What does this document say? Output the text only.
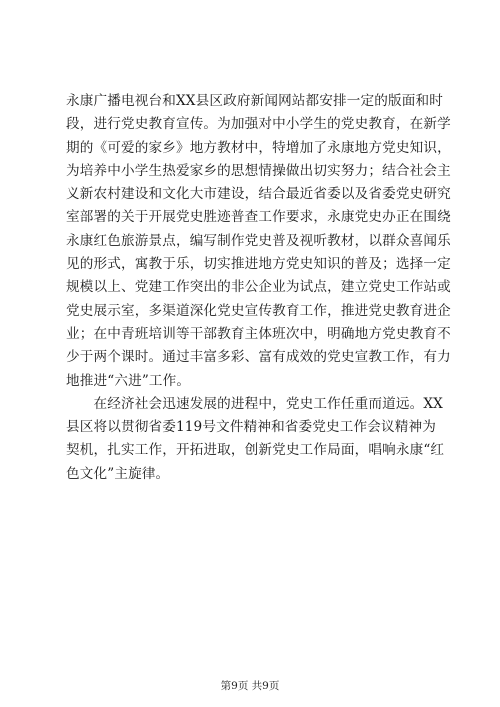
永康广播电视台和XX县区政府新闻网站都安排一定的版面和时
段，进行党史教育宣传。为加强对中小学生的党史教育，在新学
期的《可爱的家乡》地方教材中，特增加了永康地方党史知识，
为培养中小学生热爱家乡的思想情操做出切实努力；结合社会主
义新农村建设和文化大市建设，结合最近省委以及省委党史研究
室部署的关于开展党史胜迹普查工作要求，永康党史办正在围绕
永康红色旅游景点，编写制作党史普及视听教材，以群众喜闻乐
见的形式，寓教于乐，切实推进地方党史知识的普及；选择一定
规模以上、党建工作突出的非公企业为试点，建立党史工作站或
党史展示室，多渠道深化党史宣传教育工作，推进党史教育进企
业；在中青班培训等干部教育主体班次中，明确地方党史教育不
少于两个课时。通过丰富多彩、富有成效的党史宣教工作，有力
地推进“六进”工作。
　　在经济社会迅速发展的进程中，党史工作任重而道远。XX
县区将以贯彻省委119号文件精神和省委党史工作会议精神为
契机，扎实工作，开拓进取，创新党史工作局面，唱响永康“红
色文化”主旋律。
第9页 共9页
